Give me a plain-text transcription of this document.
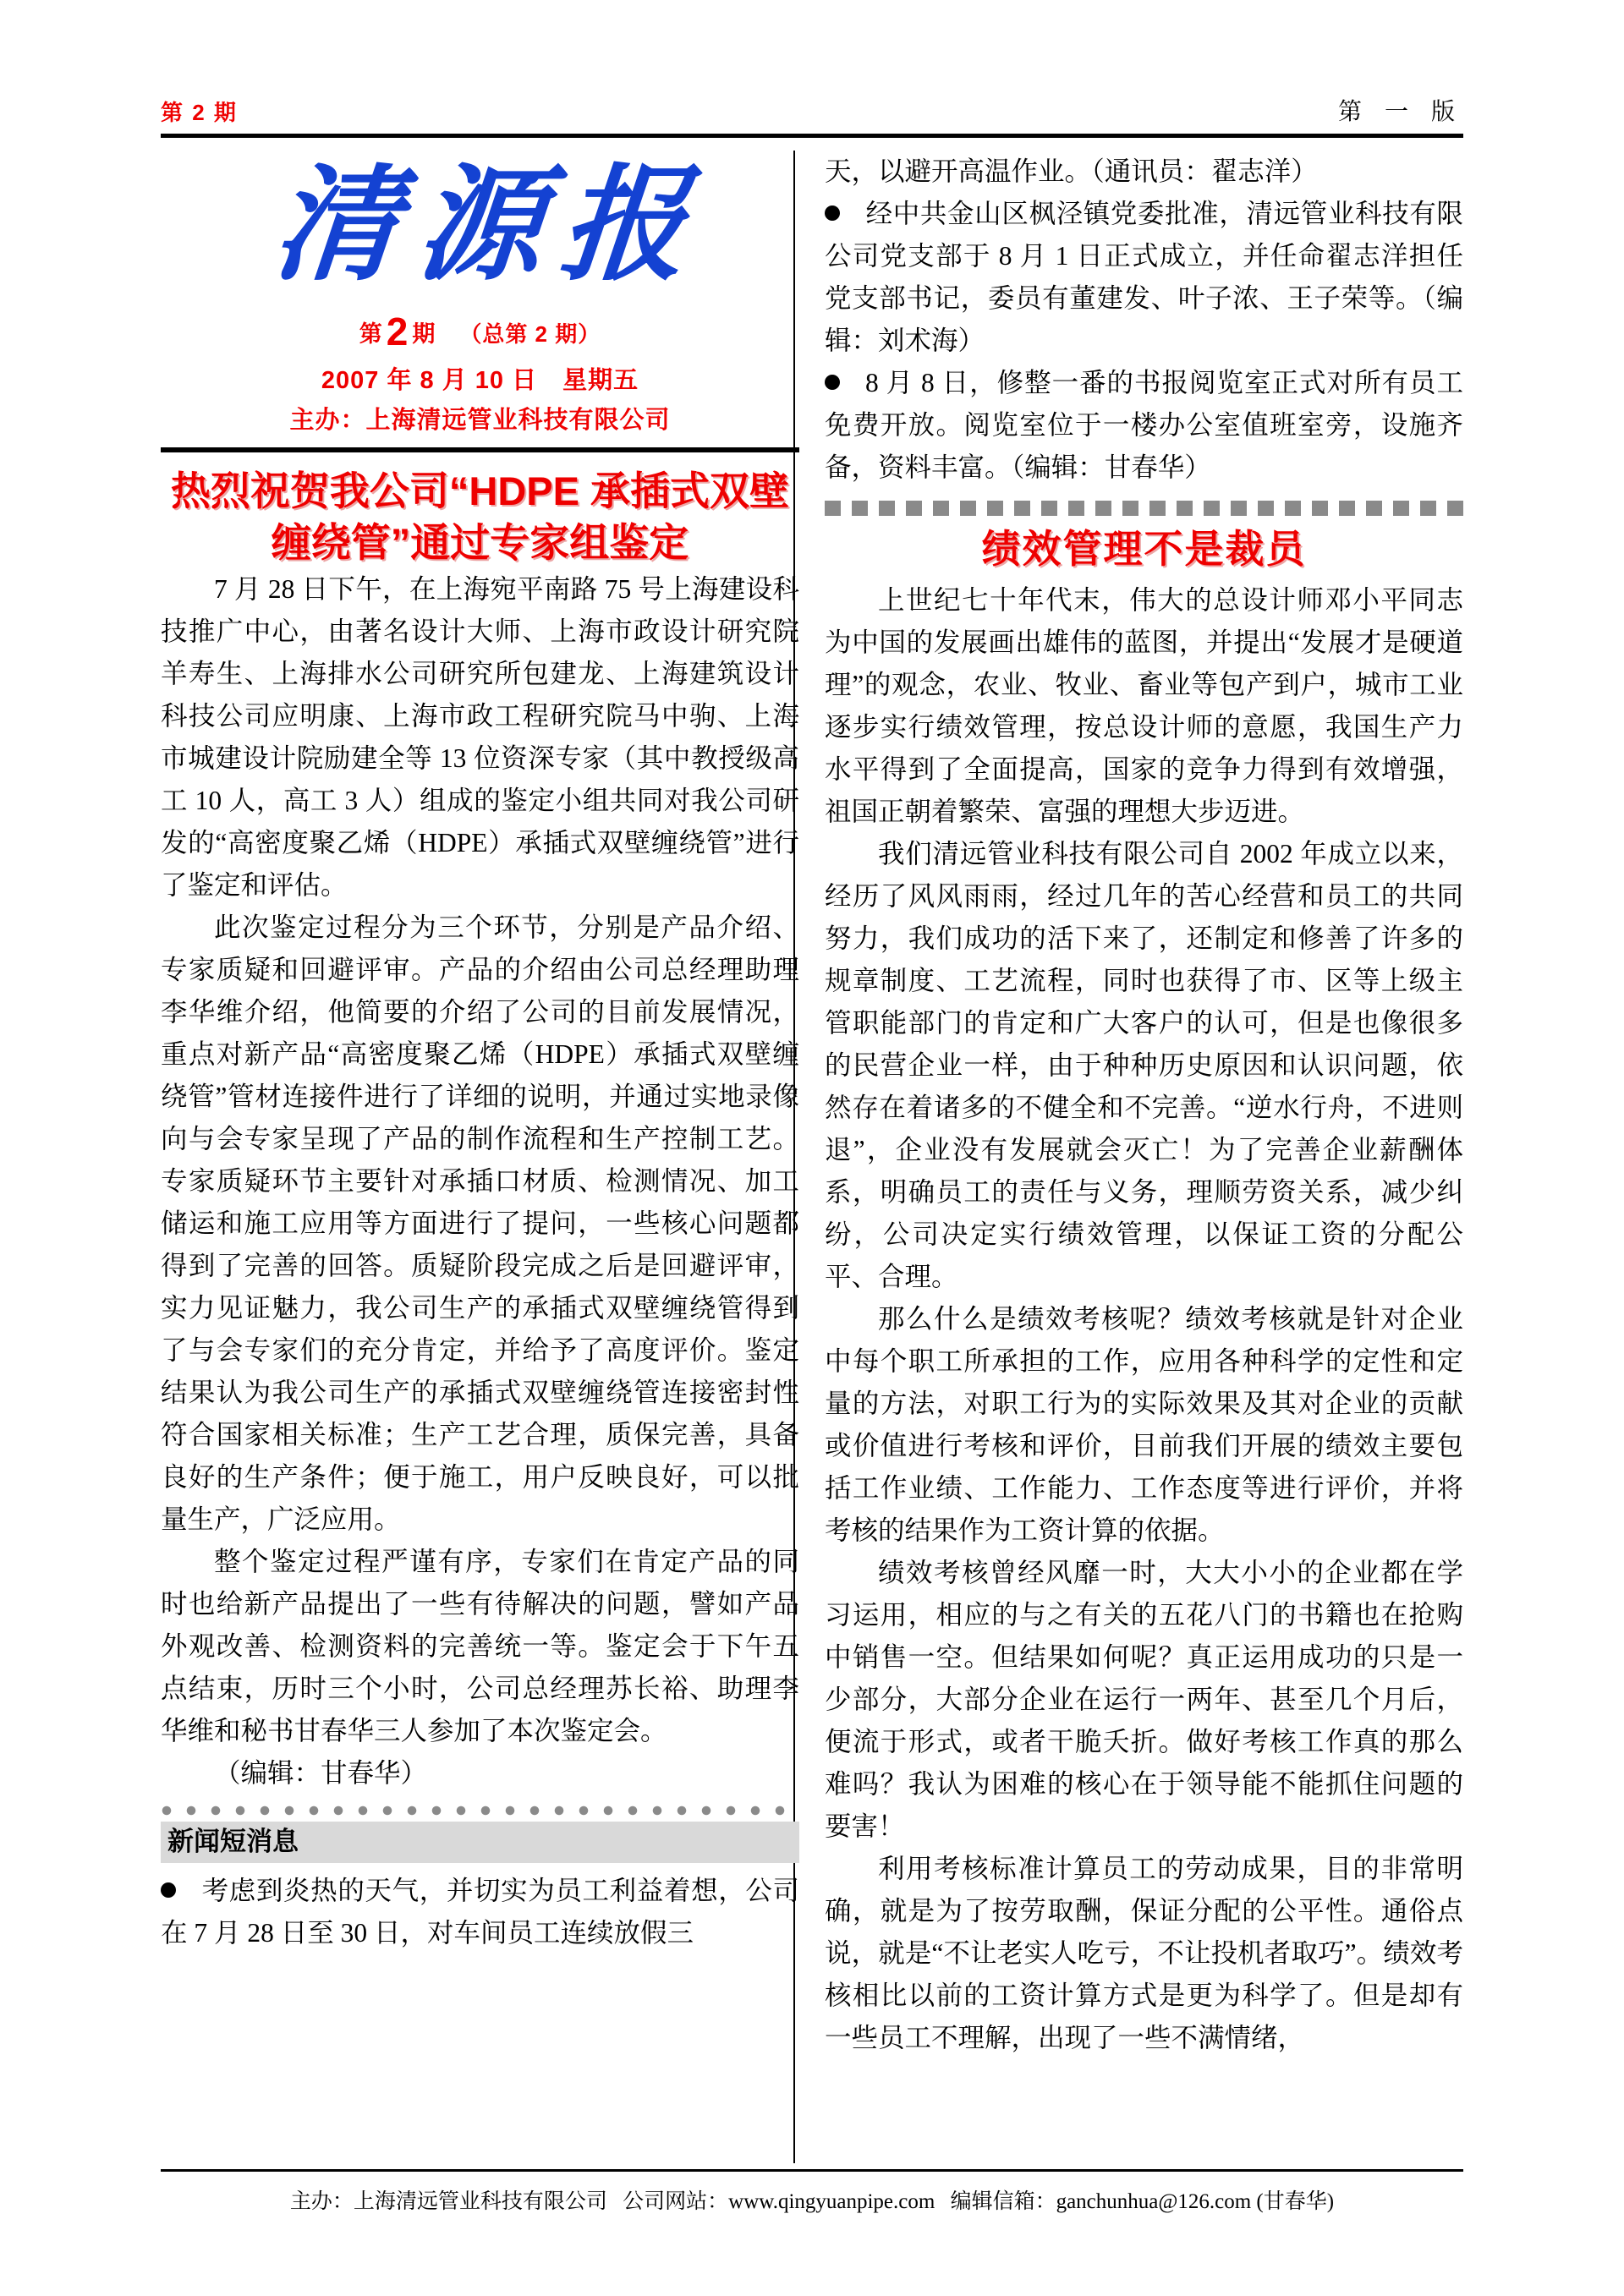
第 2 期	第 一 版
清源报
第2 期 （总第 2 期）
2007 年 8 月 10 日　星期五
主办：上海清远管业科技有限公司
热烈祝贺我公司“HDPE 承插式双壁缠绕管”通过专家组鉴定

7 月 28 日下午，在上海宛平南路 75 号上海建设科技推广中心，由著名设计大师、上海市政设计研究院羊寿生、上海排水公司研究所包建龙、上海建筑设计科技公司应明康、上海市政工程研究院马中驹、上海市城建设计院励建全等 13 位资深专家（其中教授级高工 10 人，高工 3 人）组成的鉴定小组共同对我公司研发的“高密度聚乙烯（HDPE）承插式双壁缠绕管”进行了鉴定和评估。

此次鉴定过程分为三个环节，分别是产品介绍、专家质疑和回避评审。产品的介绍由公司总经理助理李华维介绍，他简要的介绍了公司的目前发展情况，重点对新产品“高密度聚乙烯（HDPE）承插式双壁缠绕管”管材连接件进行了详细的说明，并通过实地录像向与会专家呈现了产品的制作流程和生产控制工艺。专家质疑环节主要针对承插口材质、检测情况、加工储运和施工应用等方面进行了提问，一些核心问题都得到了完善的回答。质疑阶段完成之后是回避评审，实力见证魅力，我公司生产的承插式双壁缠绕管得到了与会专家们的充分肯定，并给予了高度评价。鉴定结果认为我公司生产的承插式双壁缠绕管连接密封性符合国家相关标准；生产工艺合理，质保完善，具备良好的生产条件；便于施工，用户反映良好，可以批量生产，广泛应用。

整个鉴定过程严谨有序，专家们在肯定产品的同时也给新产品提出了一些有待解决的问题，譬如产品外观改善、检测资料的完善统一等。鉴定会于下午五点结束，历时三个小时，公司总经理苏长裕、助理李华维和秘书甘春华三人参加了本次鉴定会。

（编辑：甘春华）

新闻短消息

考虑到炎热的天气，并切实为员工利益着想，公司在 7 月 28 日至 30 日，对车间员工连续放假三

天，以避开高温作业。（通讯员：翟志洋）

经中共金山区枫泾镇党委批准，清远管业科技有限公司党支部于 8 月 1 日正式成立，并任命翟志洋担任党支部书记，委员有董建发、叶子浓、王子荣等。（编辑：刘术海）

8 月 8 日，修整一番的书报阅览室正式对所有员工免费开放。阅览室位于一楼办公室值班室旁，设施齐备，资料丰富。（编辑：甘春华）

绩效管理不是裁员

上世纪七十年代末，伟大的总设计师邓小平同志为中国的发展画出雄伟的蓝图，并提出“发展才是硬道理”的观念，农业、牧业、畜业等包产到户，城市工业逐步实行绩效管理，按总设计师的意愿，我国生产力水平得到了全面提高，国家的竞争力得到有效增强，祖国正朝着繁荣、富强的理想大步迈进。

我们清远管业科技有限公司自 2002 年成立以来，经历了风风雨雨，经过几年的苦心经营和员工的共同努力，我们成功的活下来了，还制定和修善了许多的规章制度、工艺流程，同时也获得了市、区等上级主管职能部门的肯定和广大客户的认可，但是也像很多的民营企业一样，由于种种历史原因和认识问题，依然存在着诸多的不健全和不完善。“逆水行舟，不进则退”，企业没有发展就会灭亡！为了完善企业薪酬体系，明确员工的责任与义务，理顺劳资关系，减少纠纷，公司决定实行绩效管理，以保证工资的分配公平、合理。

那么什么是绩效考核呢？绩效考核就是针对企业中每个职工所承担的工作，应用各种科学的定性和定量的方法，对职工行为的实际效果及其对企业的贡献或价值进行考核和评价，目前我们开展的绩效主要包括工作业绩、工作能力、工作态度等进行评价，并将考核的结果作为工资计算的依据。

绩效考核曾经风靡一时，大大小小的企业都在学习运用，相应的与之有关的五花八门的书籍也在抢购中销售一空。但结果如何呢？真正运用成功的只是一少部分，大部分企业在运行一两年、甚至几个月后，便流于形式，或者干脆夭折。做好考核工作真的那么难吗？我认为困难的核心在于领导能不能抓住问题的要害！

利用考核标准计算员工的劳动成果，目的非常明确，就是为了按劳取酬，保证分配的公平性。通俗点说，就是“不让老实人吃亏，不让投机者取巧”。绩效考核相比以前的工资计算方式是更为科学了。但是却有一些员工不理解，出现了一些不满情绪，

主办：上海清远管业科技有限公司 公司网站：www.qingyuanpipe.com 编辑信箱：ganchunhua@126.com (甘春华)
